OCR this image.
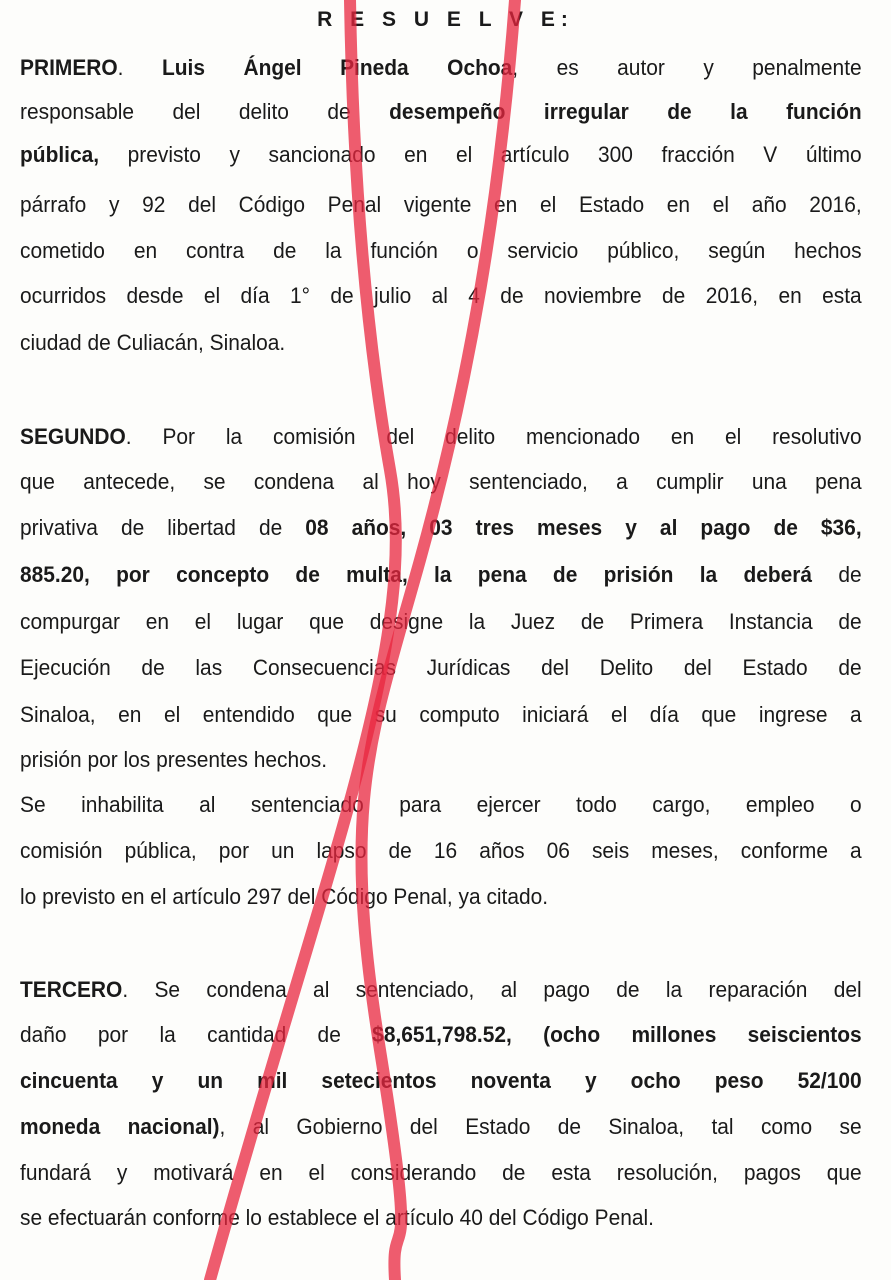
R E S U E L V E:
PRIMERO. Luis Ángel Pineda Ochoa, es autor y penalmente
responsable del delito de desempeño irregular de la función
pública, previsto y sancionado en el artículo 300 fracción V último
párrafo y 92 del Código Penal vigente en el Estado en el año 2016,
cometido en contra de la función o servicio público, según hechos
ocurridos desde el día 1° de julio al 4 de noviembre de 2016, en esta
ciudad de Culiacán, Sinaloa.
SEGUNDO. Por la comisión del delito mencionado en el resolutivo
que antecede, se condena al hoy sentenciado, a cumplir una pena
privativa de libertad de 08 años, 03 tres meses y al pago de $36,
885.20, por concepto de multa, la pena de prisión la deberá de
compurgar en el lugar que designe la Juez de Primera Instancia de
Ejecución de las Consecuencias Jurídicas del Delito del Estado de
Sinaloa, en el entendido que su computo iniciará el día que ingrese a
prisión por los presentes hechos.
Se inhabilita al sentenciado para ejercer todo cargo, empleo o
comisión pública, por un lapso de 16 años 06 seis meses, conforme a
lo previsto en el artículo 297 del Código Penal, ya citado.
TERCERO. Se condena al sentenciado, al pago de la reparación del
daño por la cantidad de $8,651,798.52, (ocho millones seiscientos
cincuenta y un mil setecientos noventa y ocho peso 52/100
moneda nacional), al Gobierno del Estado de Sinaloa, tal como se
fundará y motivará en el considerando de esta resolución, pagos que
se efectuarán conforme lo establece el artículo 40 del Código Penal.
